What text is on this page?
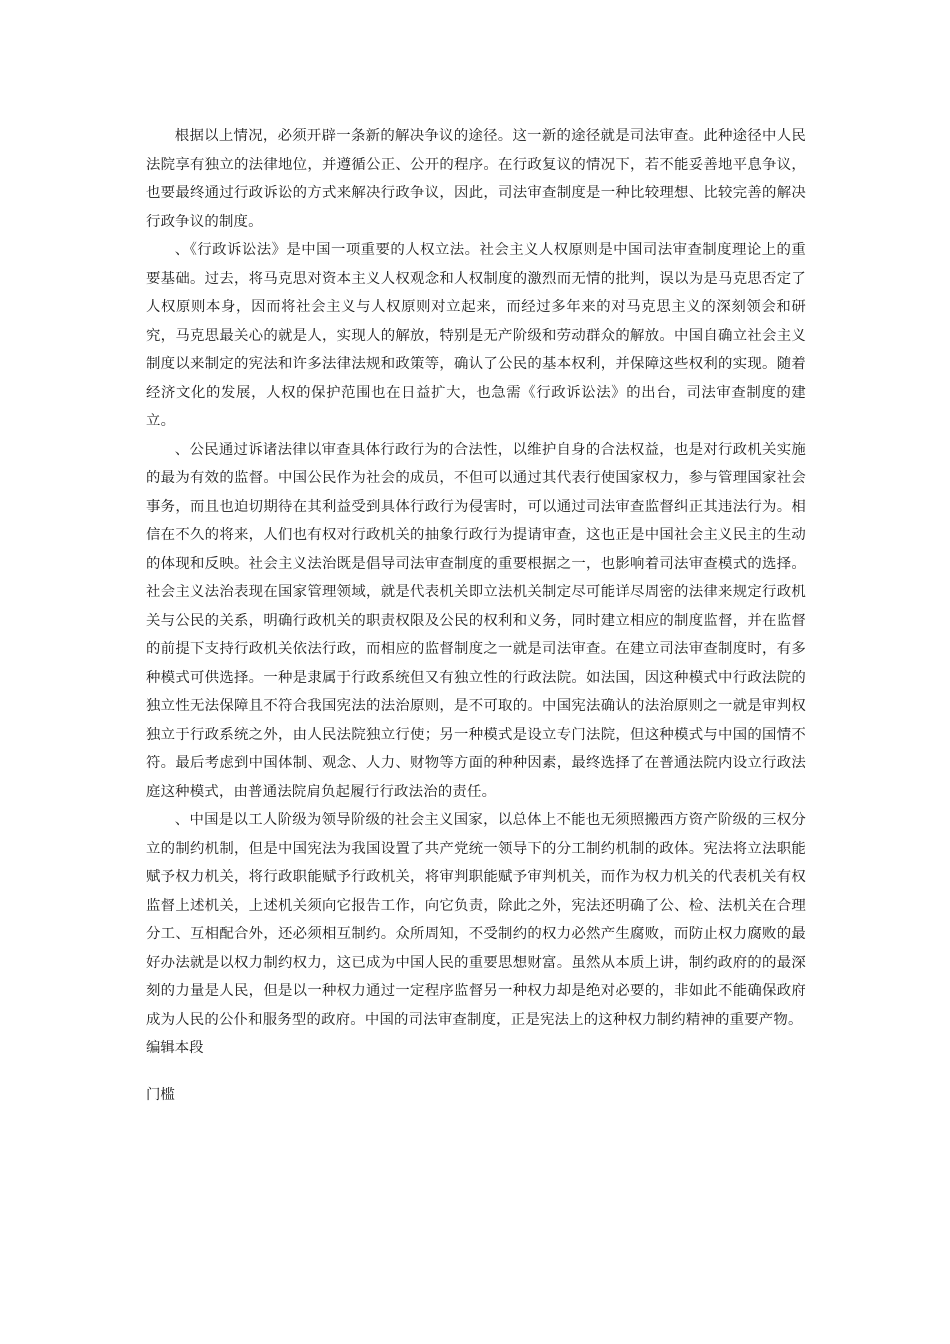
根据以上情况，必须开辟一条新的解决争议的途径。这一新的途径就是司法审查。此种途径中人民法院享有独立的法律地位，并遵循公正、公开的程序。在行政复议的情况下，若不能妥善地平息争议，也要最终通过行政诉讼的方式来解决行政争议，因此，司法审查制度是一种比较理想、比较完善的解决行政争议的制度。

、《行政诉讼法》是中国一项重要的人权立法。社会主义人权原则是中国司法审查制度理论上的重要基础。过去，将马克思对资本主义人权观念和人权制度的激烈而无情的批判，误以为是马克思否定了人权原则本身，因而将社会主义与人权原则对立起来，而经过多年来的对马克思主义的深刻领会和研究，马克思最关心的就是人，实现人的解放，特别是无产阶级和劳动群众的解放。中国自确立社会主义制度以来制定的宪法和许多法律法规和政策等，确认了公民的基本权利，并保障这些权利的实现。随着经济文化的发展，人权的保护范围也在日益扩大，也急需《行政诉讼法》的出台，司法审查制度的建立。

、公民通过诉诸法律以审查具体行政行为的合法性，以维护自身的合法权益，也是对行政机关实施的最为有效的监督。中国公民作为社会的成员，不但可以通过其代表行使国家权力，参与管理国家社会事务，而且也迫切期待在其利益受到具体行政行为侵害时，可以通过司法审查监督纠正其违法行为。相信在不久的将来，人们也有权对行政机关的抽象行政行为提请审查，这也正是中国社会主义民主的生动的体现和反映。社会主义法治既是倡导司法审查制度的重要根据之一，也影响着司法审查模式的选择。社会主义法治表现在国家管理领域，就是代表机关即立法机关制定尽可能详尽周密的法律来规定行政机关与公民的关系，明确行政机关的职责权限及公民的权利和义务，同时建立相应的制度监督，并在监督的前提下支持行政机关依法行政，而相应的监督制度之一就是司法审查。在建立司法审查制度时，有多种模式可供选择。一种是隶属于行政系统但又有独立性的行政法院。如法国，因这种模式中行政法院的独立性无法保障且不符合我国宪法的法治原则，是不可取的。中国宪法确认的法治原则之一就是审判权独立于行政系统之外，由人民法院独立行使；另一种模式是设立专门法院，但这种模式与中国的国情不符。最后考虑到中国体制、观念、人力、财物等方面的种种因素，最终选择了在普通法院内设立行政法庭这种模式，由普通法院肩负起履行行政法治的责任。

、中国是以工人阶级为领导阶级的社会主义国家，以总体上不能也无须照搬西方资产阶级的三权分立的制约机制，但是中国宪法为我国设置了共产党统一领导下的分工制约机制的政体。宪法将立法职能赋予权力机关，将行政职能赋予行政机关，将审判职能赋予审判机关，而作为权力机关的代表机关有权监督上述机关，上述机关须向它报告工作，向它负责，除此之外，宪法还明确了公、检、法机关在合理分工、互相配合外，还必须相互制约。众所周知，不受制约的权力必然产生腐败，而防止权力腐败的最好办法就是以权力制约权力，这已成为中国人民的重要思想财富。虽然从本质上讲，制约政府的的最深刻的力量是人民，但是以一种权力通过一定程序监督另一种权力却是绝对必要的，非如此不能确保政府成为人民的公仆和服务型的政府。中国的司法审查制度，正是宪法上的这种权力制约精神的重要产物。

编辑本段
门槛
